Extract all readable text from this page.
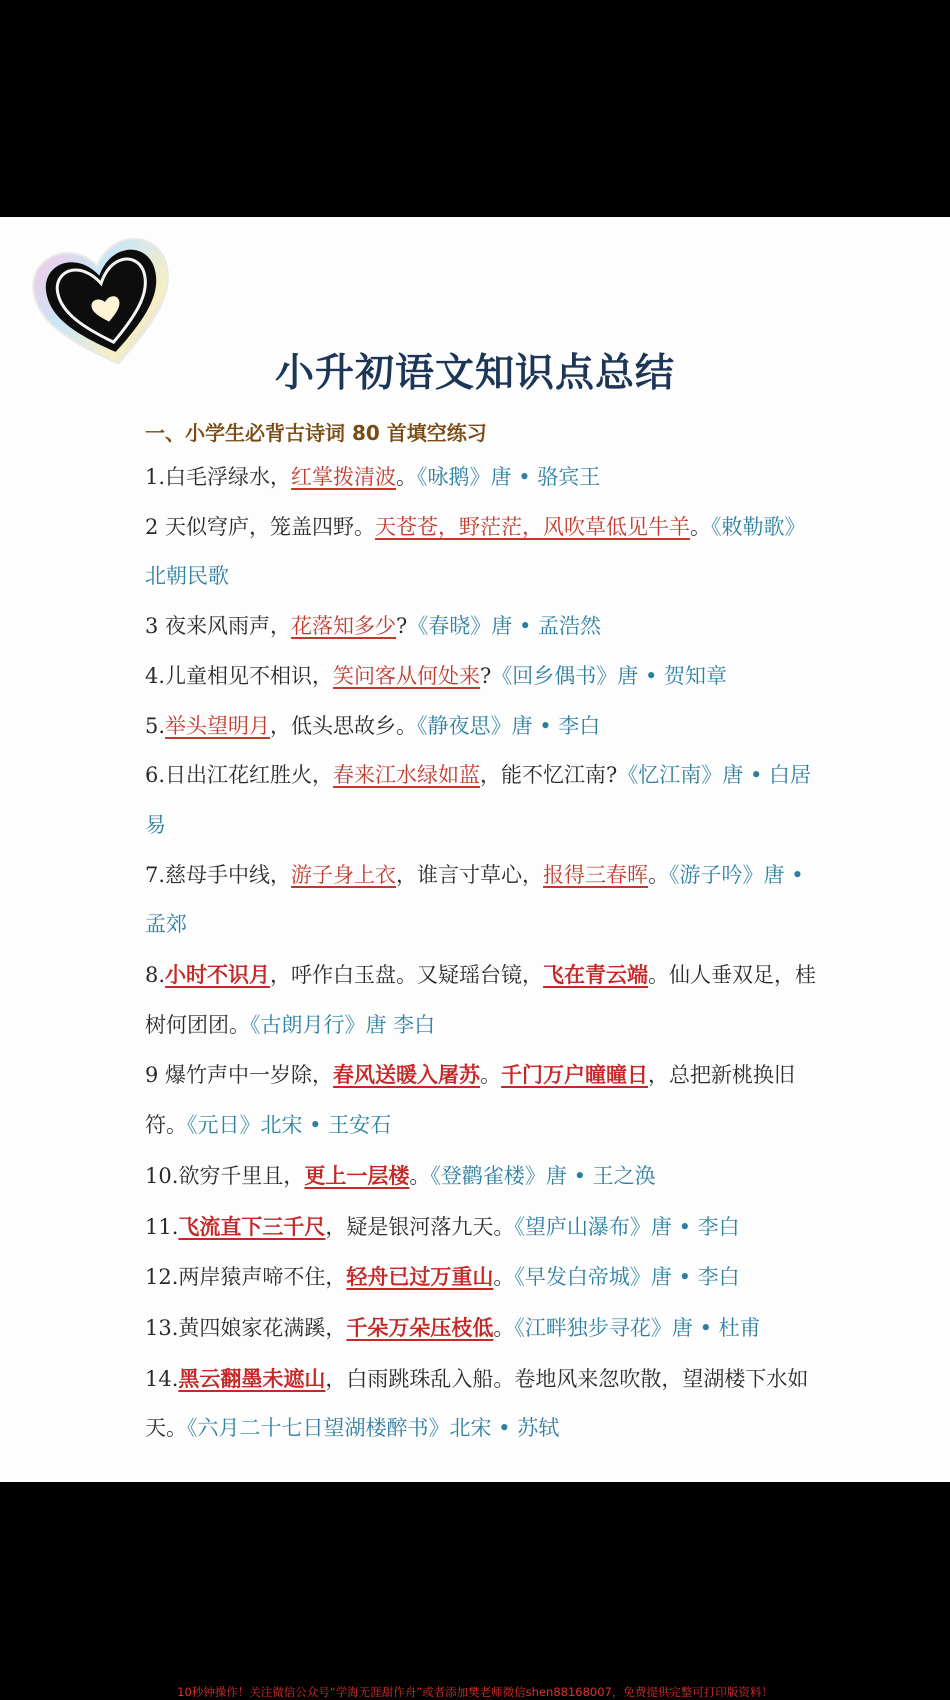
小升初语文知识点总结
一、小学生必背古诗词 80 首填空练习
1.白毛浮绿水，红掌拨清波。《咏鹅》唐 • 骆宾王
2 天似穹庐，笼盖四野。天苍苍，野茫茫，风吹草低见牛羊。《敕勒歌》北朝民歌
3 夜来风雨声，花落知多少?《春晓》唐 • 孟浩然
4.儿童相见不相识，笑问客从何处来?《回乡偶书》唐 • 贺知章
5.举头望明月，低头思故乡。《静夜思》唐 • 李白
6.日出江花红胜火，春来江水绿如蓝，能不忆江南?《忆江南》唐 • 白居易
7.慈母手中线，游子身上衣，谁言寸草心，报得三春晖。《游子吟》唐 • 孟郊
8.小时不识月，呼作白玉盘。又疑瑶台镜，飞在青云端。仙人垂双足，桂树何团团。《古朗月行》唐 李白
9 爆竹声中一岁除，春风送暖入屠苏。千门万户曈曈日，总把新桃换旧符。《元日》北宋 • 王安石
10.欲穷千里且，更上一层楼。《登鹳雀楼》唐 • 王之涣
11.飞流直下三千尺，疑是银河落九天。《望庐山瀑布》唐 • 李白
12.两岸猿声啼不住，轻舟已过万重山。《早发白帝城》唐 • 李白
13.黄四娘家花满蹊，千朵万朵压枝低。《江畔独步寻花》唐 • 杜甫
14.黑云翻墨未遮山，白雨跳珠乱入船。卷地风来忽吹散，望湖楼下水如天。《六月二十七日望湖楼醉书》北宋 • 苏轼
10秒钟操作！关注微信公众号“学海无涯甜作舟”或者添加樊老师微信shen88168007，免费提供完整可打印版资料！
